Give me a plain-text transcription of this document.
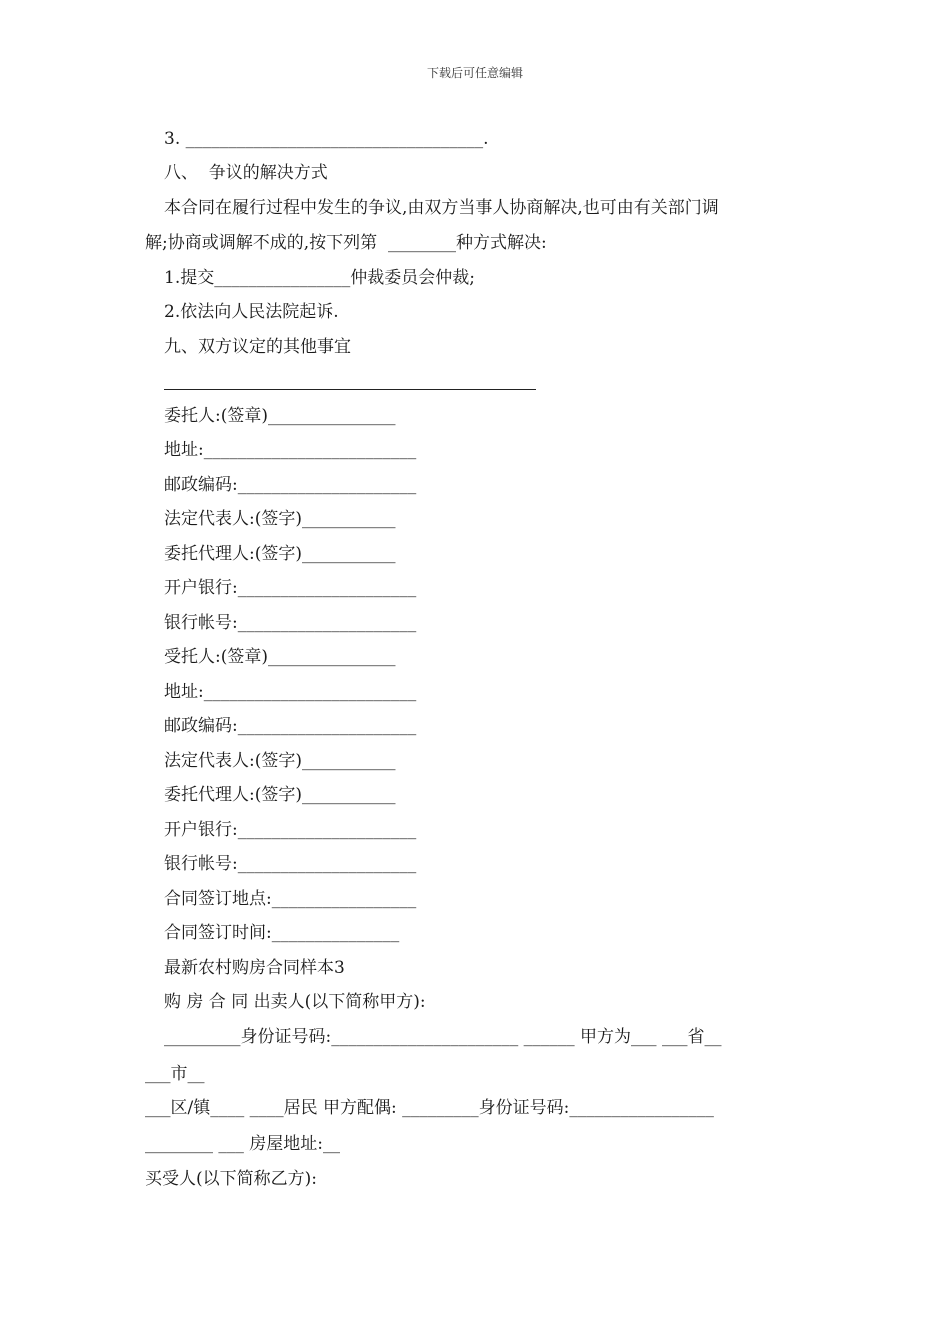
下载后可任意编辑
3. ___________________________________.
八、  争议的解决方式
本合同在履行过程中发生的争议,由双方当事人协商解决,也可由有关部门调
解;协商或调解不成的,按下列第  ________种方式解决:
1.提交________________仲裁委员会仲裁;
2.依法向人民法院起诉.
九、双方议定的其他事宜
委托人:(签章)_______________
地址:_________________________
邮政编码:_____________________
法定代表人:(签字)___________
委托代理人:(签字)___________
开户银行:_____________________
银行帐号:_____________________
受托人:(签章)_______________
地址:_________________________
邮政编码:_____________________
法定代表人:(签字)___________
委托代理人:(签字)___________
开户银行:_____________________
银行帐号:_____________________
合同签订地点:_________________
合同签订时间:_______________
最新农村购房合同样本3
购 房 合 同 出卖人(以下简称甲方):
_________身份证号码:______________________ ______ 甲方为___ ___省__
___市__
___区/镇____ ____居民 甲方配偶: _________身份证号码:_________________
________ ___ 房屋地址:__
买受人(以下简称乙方):
